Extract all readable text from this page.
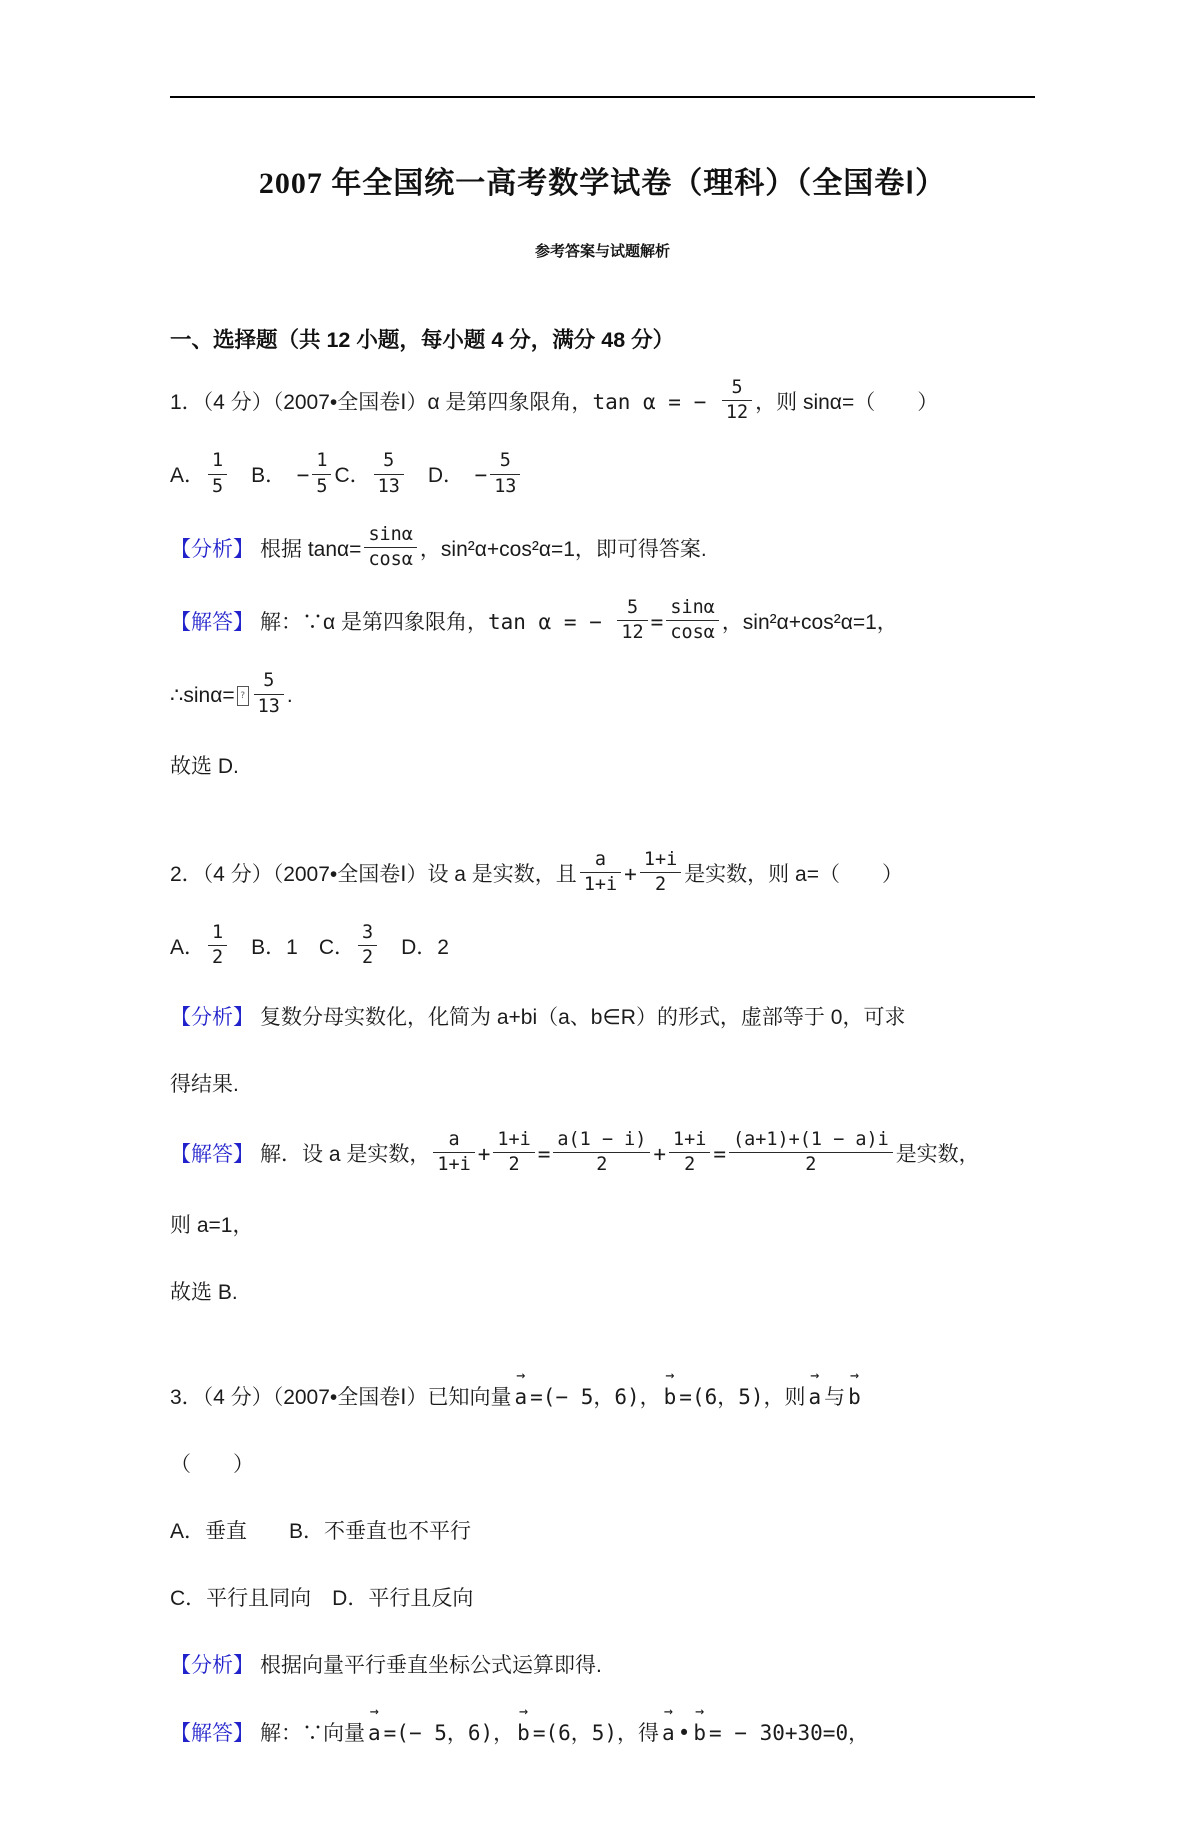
2007 年全国统一高考数学试卷（理科）（全国卷Ⅰ）
参考答案与试题解析
一、选择题（共 12 小题，每小题 4 分，满分 48 分）

1．（4 分）（2007•全国卷Ⅰ）α 是第四象限角，tan α = − $\frac{5}{12}$ ，则 sinα=（　　）

A． $\frac{1}{5}$ 　B．　− $\frac{1}{5}$ C． $\frac{5}{13}$ 　D．　− $\frac{5}{13}$

【分析】 根据 $\tan\alpha= \frac{\sin\alpha}{\cos\alpha}$ ，sin²α+cos²α=1，即可得答案.

【解答】 解：∵α 是第四象限角，tan α = − $\frac{5}{12} = \frac{\sin\alpha}{\cos\alpha}$ ，sin²α+cos²α=1，

∴sinα= ? $\frac{5}{13}$ .

故选 D.

2．（4 分）（2007•全国卷Ⅰ）设 a 是实数，且 $\frac{a}{1+i} + \frac{1+i}{2}$ 是实数，则 a=（　　）

A． $\frac{1}{2}$ 　B．1　C． $\frac{3}{2}$ 　D．2

【分析】 复数分母实数化，化简为 a+bi（a、b∈R）的形式，虚部等于 0，可求

得结果.

【解答】 解．设 a 是实数， $\frac{a}{1+i} + \frac{1+i}{2} = \frac{a(1 - i)}{2} + \frac{1+i}{2} = \frac{(a+1)+(1 - a)i}{2}$ 是实数，

则 a=1，

故选 B.

3．（4 分）（2007•全国卷Ⅰ）已知向量
→
a =(− 5，6)，
→
b =(6，5)，则
→
a 与
→
b

（　　）

A．垂直　　B．不垂直也不平行

C．平行且同向　D．平行且反向

【分析】 根据向量平行垂直坐标公式运算即得.

【解答】 解：∵向量
→
a =(− 5，6)，
→
b =(6，5)，得
→
a •
→
b = − 30+30=0，
